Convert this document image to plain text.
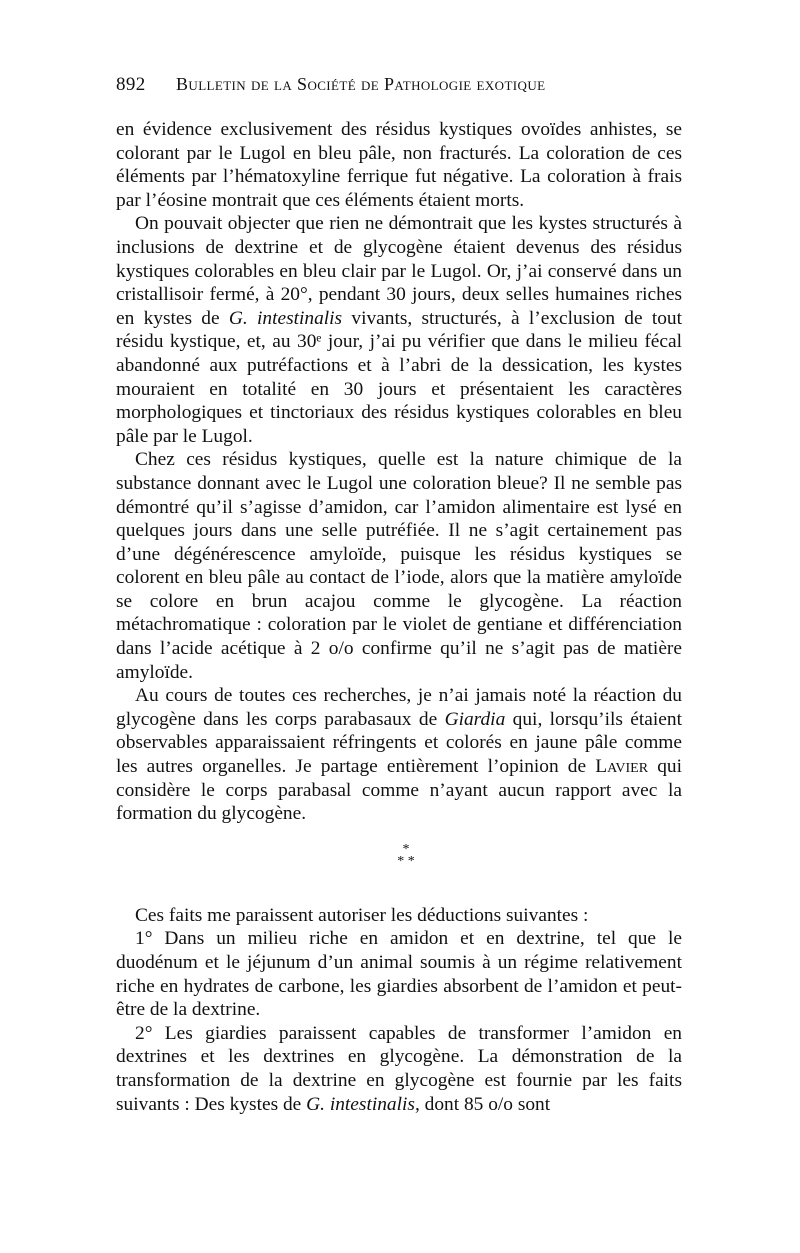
892	Bulletin de la Société de Pathologie exotique

en évidence exclusivement des résidus kystiques ovoïdes anhistes, se colorant par le Lugol en bleu pâle, non fracturés. La coloration de ces éléments par l’hématoxyline ferrique fut négative. La coloration à frais par l’éosine montrait que ces éléments étaient morts.

On pouvait objecter que rien ne démontrait que les kystes structurés à inclusions de dextrine et de glycogène étaient devenus des résidus kystiques colorables en bleu clair par le Lugol. Or, j’ai conservé dans un cristallisoir fermé, à 20°, pendant 30 jours, deux selles humaines riches en kystes de G. intestinalis vivants, structurés, à l’exclusion de tout résidu kystique, et, au 30ᵉ jour, j’ai pu vérifier que dans le milieu fécal abandonné aux putréfactions et à l’abri de la dessication, les kystes mouraient en totalité en 30 jours et présentaient les caractères morphologiques et tinctoriaux des résidus kystiques colorables en bleu pâle par le Lugol.

Chez ces résidus kystiques, quelle est la nature chimique de la substance donnant avec le Lugol une coloration bleue? Il ne semble pas démontré qu’il s’agisse d’amidon, car l’amidon alimentaire est lysé en quelques jours dans une selle putréfiée. Il ne s’agit certainement pas d’une dégénérescence amyloïde, puisque les résidus kystiques se colorent en bleu pâle au contact de l’iode, alors que la matière amyloïde se colore en brun acajou comme le glycogène. La réaction métachromatique : coloration par le violet de gentiane et différenciation dans l’acide acétique à 2 o/o confirme qu’il ne s’agit pas de matière amyloïde.

Au cours de toutes ces recherches, je n’ai jamais noté la réaction du glycogène dans les corps parabasaux de Giardia qui, lorsqu’ils étaient observables apparaissaient réfringents et colorés en jaune pâle comme les autres organelles. Je partage entièrement l’opinion de Lavier qui considère le corps parabasal comme n’ayant aucun rapport avec la formation du glycogène.

*
* *

Ces faits me paraissent autoriser les déductions suivantes :

1° Dans un milieu riche en amidon et en dextrine, tel que le duodénum et le jéjunum d’un animal soumis à un régime relativement riche en hydrates de carbone, les giardies absorbent de l’amidon et peut-être de la dextrine.

2° Les giardies paraissent capables de transformer l’amidon en dextrines et les dextrines en glycogène. La démonstration de la transformation de la dextrine en glycogène est fournie par les faits suivants : Des kystes de G. intestinalis, dont 85 o/o sont
